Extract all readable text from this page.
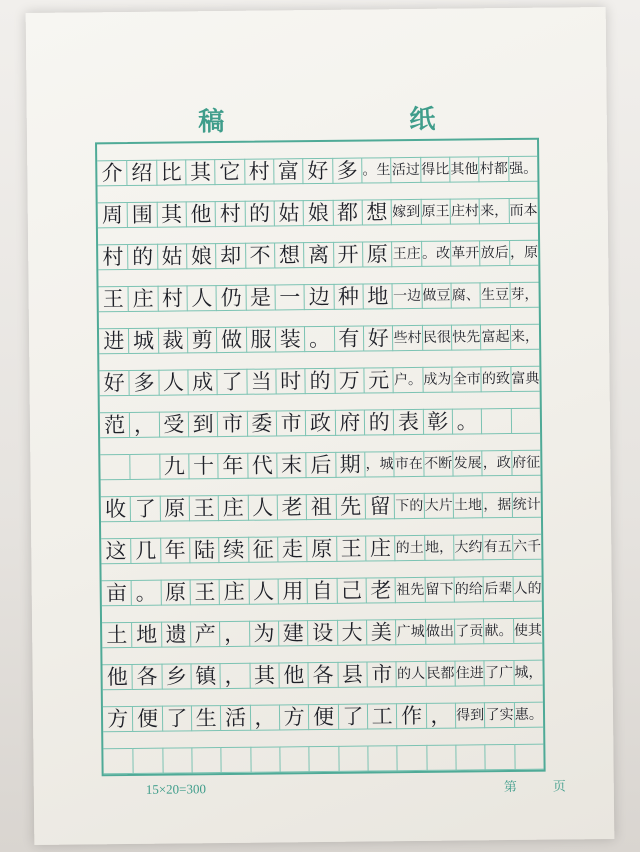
稿 纸
介 绍 比 其 它 村 富 好 多 。生 活过 得比 其他 村都 强。
周 围 其 他 村 的 姑 娘 都 想 嫁到 原王 庄村 来， 而本
村 的 姑 娘 却 不 想 离 开 原 王庄 。改 革开 放后 ，原
王 庄 村 人 仍 是 一 边 种 地 一边 做豆 腐、 生豆 芽，
进 城 裁 剪 做 服 装 。 有 好 些村 民很 快先 富起 来，
好 多 人 成 了 当 时 的 万 元 户。 成为 全市 的致 富典
范 ， 受 到 市 委 市 政 府 的 表 彰 。

九 十 年 代 末 后 期 ，城 市在 不断 发展 ，政 府征
收 了 原 王 庄 人 老 祖 先 留 下的 大片 土地 ，据 统计
这 几 年 陆 续 征 走 原 王 庄 的土 地， 大约 有五 六千
亩 。 原 王 庄 人 用 自 己 老 祖先 留下 的给 后辈 人的
土 地 遗 产 ， 为 建 设 大 美 广城 做出 了贡 献。 使其
他 各 乡 镇 ， 其 他 各 县 市 的人 民都 住进 了广 城，
方 便 了 生 活 ， 方 便 了 工 作 ， 得到 了实 惠。
15×20=300	第	页
